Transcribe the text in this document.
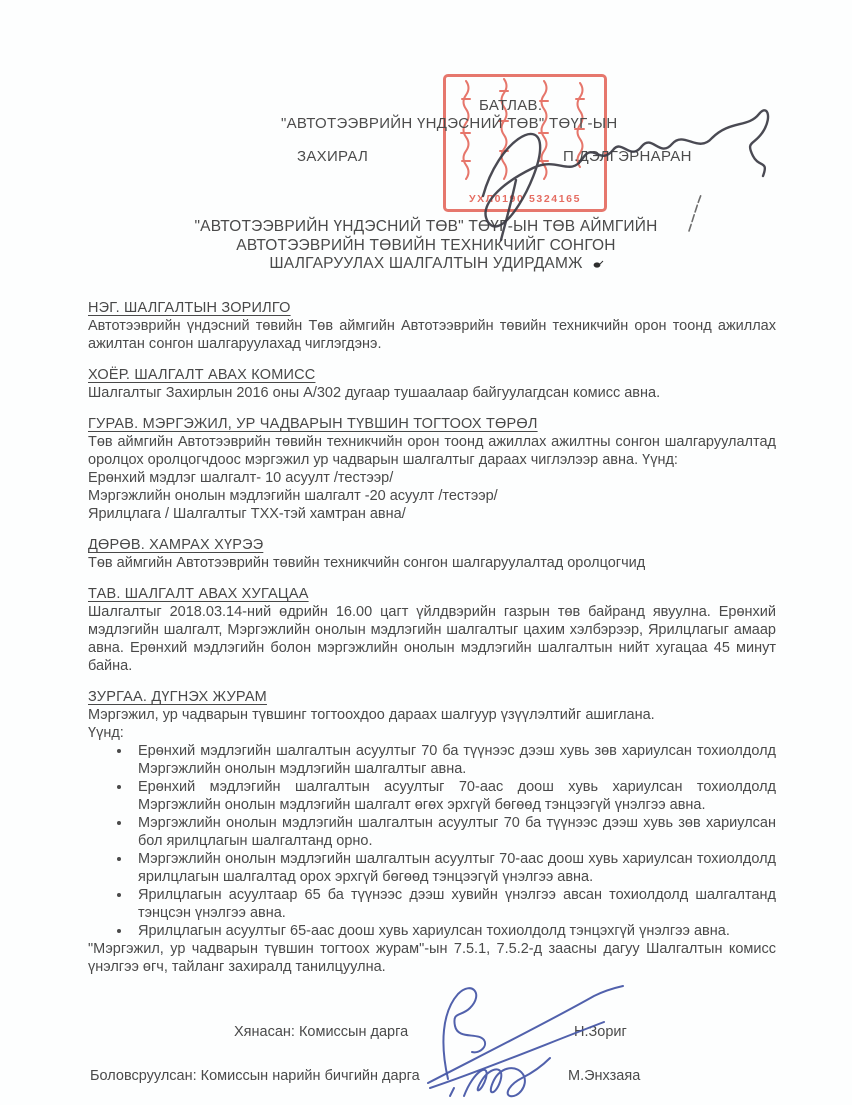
УХЛ0190 5324165
БАТЛАВ.
"АВТОТЭЭВРИЙН ҮНДЭСНИЙ ТӨВ" ТӨҮГ-ЫН
ЗАХИРАЛ	П.ДЭЛГЭРНАРАН
"АВТОТЭЭВРИЙН ҮНДЭСНИЙ ТӨВ" ТӨҮГ-ЫН ТӨВ АЙМГИЙН
АВТОТЭЭВРИЙН ТӨВИЙН ТЕХНИКЧИЙГ СОНГОН
ШАЛГАРУУЛАХ ШАЛГАЛТЫН УДИРДАМЖ
НЭГ. ШАЛГАЛТЫН ЗОРИЛГО

Автотээврийн үндэсний төвийн Төв аймгийн Автотээврийн төвийн техникчийн орон тоонд ажиллах ажилтан сонгон шалгаруулахад чиглэгдэнэ.

ХОЁР. ШАЛГАЛТ АВАХ КОМИСС

Шалгалтыг Захирлын 2016 оны А/302 дугаар тушаалаар байгуулагдсан комисс авна.

ГУРАВ. МЭРГЭЖИЛ, УР ЧАДВАРЫН ТҮВШИН ТОГТООХ ТӨРӨЛ

Төв аймгийн Автотээврийн төвийн техникчийн орон тоонд ажиллах ажилтны сонгон шалгаруулалтад оролцох оролцогчдоос мэргэжил ур чадварын шалгалтыг дараах чиглэлээр авна. Үүнд:

Ерөнхий мэдлэг шалгалт- 10 асуулт /тестээр/

Мэргэжлийн онолын мэдлэгийн шалгалт -20 асуулт /тестээр/

Ярилцлага / Шалгалтыг ТХХ-тэй хамтран авна/

ДӨРӨВ. ХАМРАХ ХҮРЭЭ

Төв аймгийн Автотээврийн төвийн техникчийн сонгон шалгаруулалтад оролцогчид

ТАВ. ШАЛГАЛТ АВАХ ХУГАЦАА

Шалгалтыг 2018.03.14-ний өдрийн 16.00 цагт үйлдвэрийн газрын төв байранд явуулна. Ерөнхий мэдлэгийн шалгалт, Мэргэжлийн онолын мэдлэгийн шалгалтыг цахим хэлбэрээр, Ярилцлагыг амаар авна. Ерөнхий мэдлэгийн болон мэргэжлийн онолын мэдлэгийн шалгалтын нийт хугацаа 45 минут байна.

ЗУРГАА. ДҮГНЭХ ЖУРАМ

Мэргэжил, ур чадварын түвшинг тогтоохдоо дараах шалгуур үзүүлэлтийг ашиглана.

Үүнд:

• Ерөнхий мэдлэгийн шалгалтын асуултыг 70 ба түүнээс дээш хувь зөв хариулсан тохиолдолд Мэргэжлийн онолын мэдлэгийн шалгалтыг авна.
• Ерөнхий мэдлэгийн шалгалтын асуултыг 70-аас доош хувь хариулсан тохиолдолд Мэргэжлийн онолын мэдлэгийн шалгалт өгөх эрхгүй бөгөөд тэнцээгүй үнэлгээ авна.
• Мэргэжлийн онолын мэдлэгийн шалгалтын асуултыг 70 ба түүнээс дээш хувь зөв хариулсан бол ярилцлагын шалгалтанд орно.
• Мэргэжлийн онолын мэдлэгийн шалгалтын асуултыг 70-аас доош хувь хариулсан тохиолдолд ярилцлагын шалгалтад орох эрхгүй бөгөөд тэнцээгүй үнэлгээ авна.
• Ярилцлагын асуултаар 65 ба түүнээс дээш хувийн үнэлгээ авсан тохиолдолд шалгалтанд тэнцсэн үнэлгээ авна.
• Ярилцлагын асуултыг 65-аас доош хувь хариулсан тохиолдолд тэнцэхгүй үнэлгээ авна.

"Мэргэжил, ур чадварын түвшин тогтоох журам"-ын 7.5.1, 7.5.2-д заасны дагуу Шалгалтын комисс үнэлгээ өгч, тайланг захиралд танилцуулна.

Хянасан: Комиссын дарга	Н.Зориг
Боловсруулсан: Комиссын нарийн бичгийн дарга	М.Энхзаяа
